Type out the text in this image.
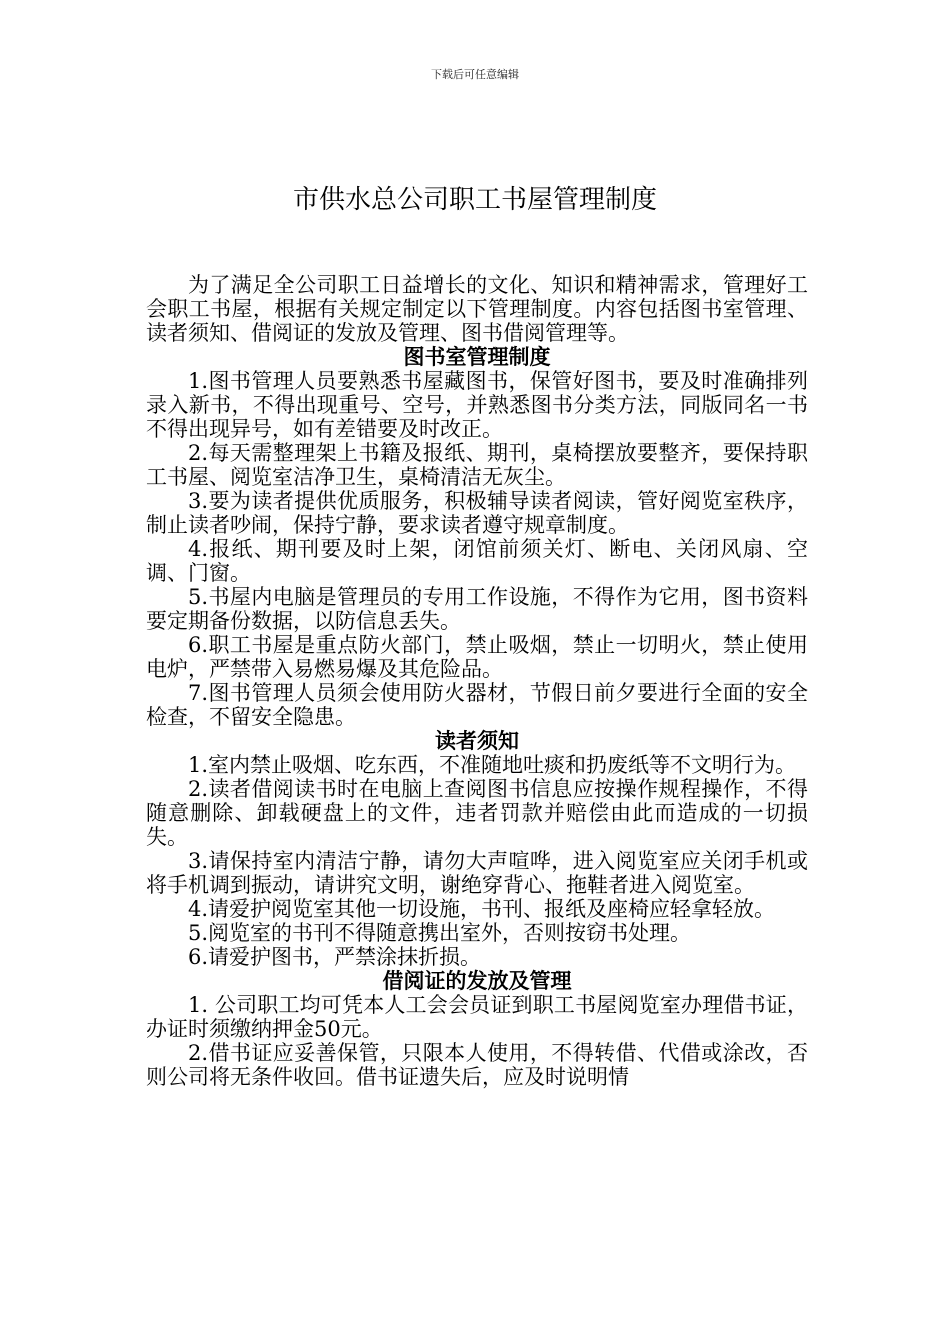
下载后可任意编辑
市供水总公司职工书屋管理制度

为了满足全公司职工日益增长的文化、知识和精神需求，管理好工会职工书屋，根据有关规定制定以下管理制度。内容包括图书室管理、读者须知、借阅证的发放及管理、图书借阅管理等。

图书室管理制度

1.图书管理人员要熟悉书屋藏图书，保管好图书，要及时准确排列录入新书，不得出现重号、空号，并熟悉图书分类方法，同版同名一书不得出现异号，如有差错要及时改正。

2.每天需整理架上书籍及报纸、期刊，桌椅摆放要整齐，要保持职工书屋、阅览室洁净卫生，桌椅清洁无灰尘。

3.要为读者提供优质服务，积极辅导读者阅读，管好阅览室秩序，制止读者吵闹，保持宁静，要求读者遵守规章制度。

4.报纸、期刊要及时上架，闭馆前须关灯、断电、关闭风扇、空调、门窗。

5.书屋内电脑是管理员的专用工作设施，不得作为它用，图书资料要定期备份数据，以防信息丢失。

6.职工书屋是重点防火部门，禁止吸烟，禁止一切明火，禁止使用电炉，严禁带入易燃易爆及其危险品。

7.图书管理人员须会使用防火器材，节假日前夕要进行全面的安全检查，不留安全隐患。

读者须知

1.室内禁止吸烟、吃东西，不准随地吐痰和扔废纸等不文明行为。

2.读者借阅读书时在电脑上查阅图书信息应按操作规程操作，不得随意删除、卸载硬盘上的文件，违者罚款并赔偿由此而造成的一切损失。

3.请保持室内清洁宁静，请勿大声喧哗，进入阅览室应关闭手机或将手机调到振动，请讲究文明，谢绝穿背心、拖鞋者进入阅览室。

4.请爱护阅览室其他一切设施，书刊、报纸及座椅应轻拿轻放。

5.阅览室的书刊不得随意携出室外，否则按窃书处理。

6.请爱护图书，严禁涂抹折损。

借阅证的发放及管理

1. 公司职工均可凭本人工会会员证到职工书屋阅览室办理借书证，办证时须缴纳押金50元。

2.借书证应妥善保管，只限本人使用，不得转借、代借或涂改，否则公司将无条件收回。借书证遗失后，应及时说明情
